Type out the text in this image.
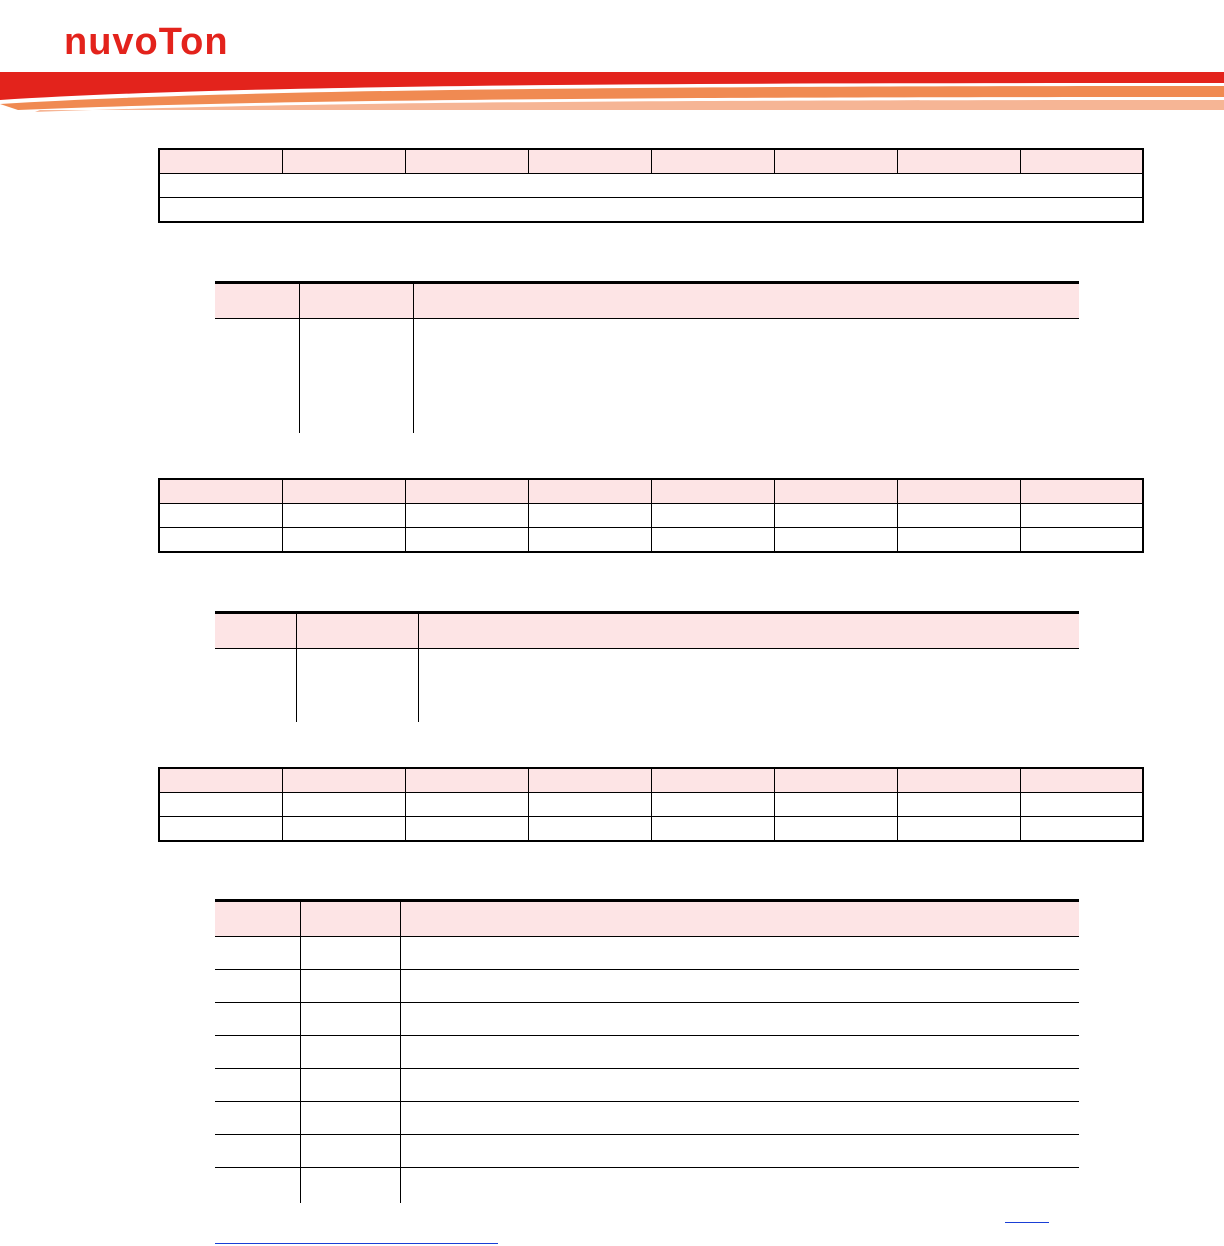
nuvoTon
